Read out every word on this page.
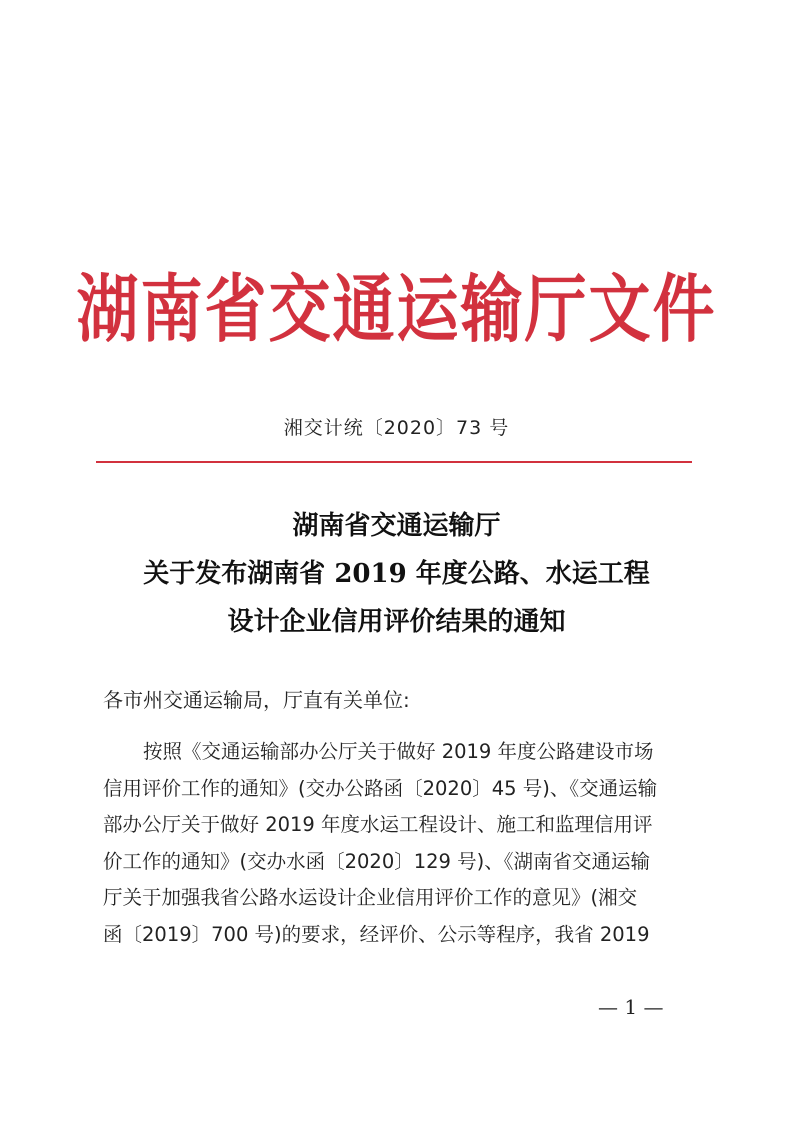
湖南省交通运输厅文件
湘交计统〔2020〕73 号
湖南省交通运输厅
关于发布湖南省 2019 年度公路、水运工程
设计企业信用评价结果的通知
各市州交通运输局，厅直有关单位:
按照《交通运输部办公厅关于做好 2019 年度公路建设市场
信用评价工作的通知》(交办公路函〔2020〕45 号)、《交通运输
部办公厅关于做好 2019 年度水运工程设计、施工和监理信用评
价工作的通知》(交办水函〔2020〕129 号)、《湖南省交通运输
厅关于加强我省公路水运设计企业信用评价工作的意见》(湘交
函〔2019〕700 号)的要求，经评价、公示等程序，我省 2019
— 1 —
